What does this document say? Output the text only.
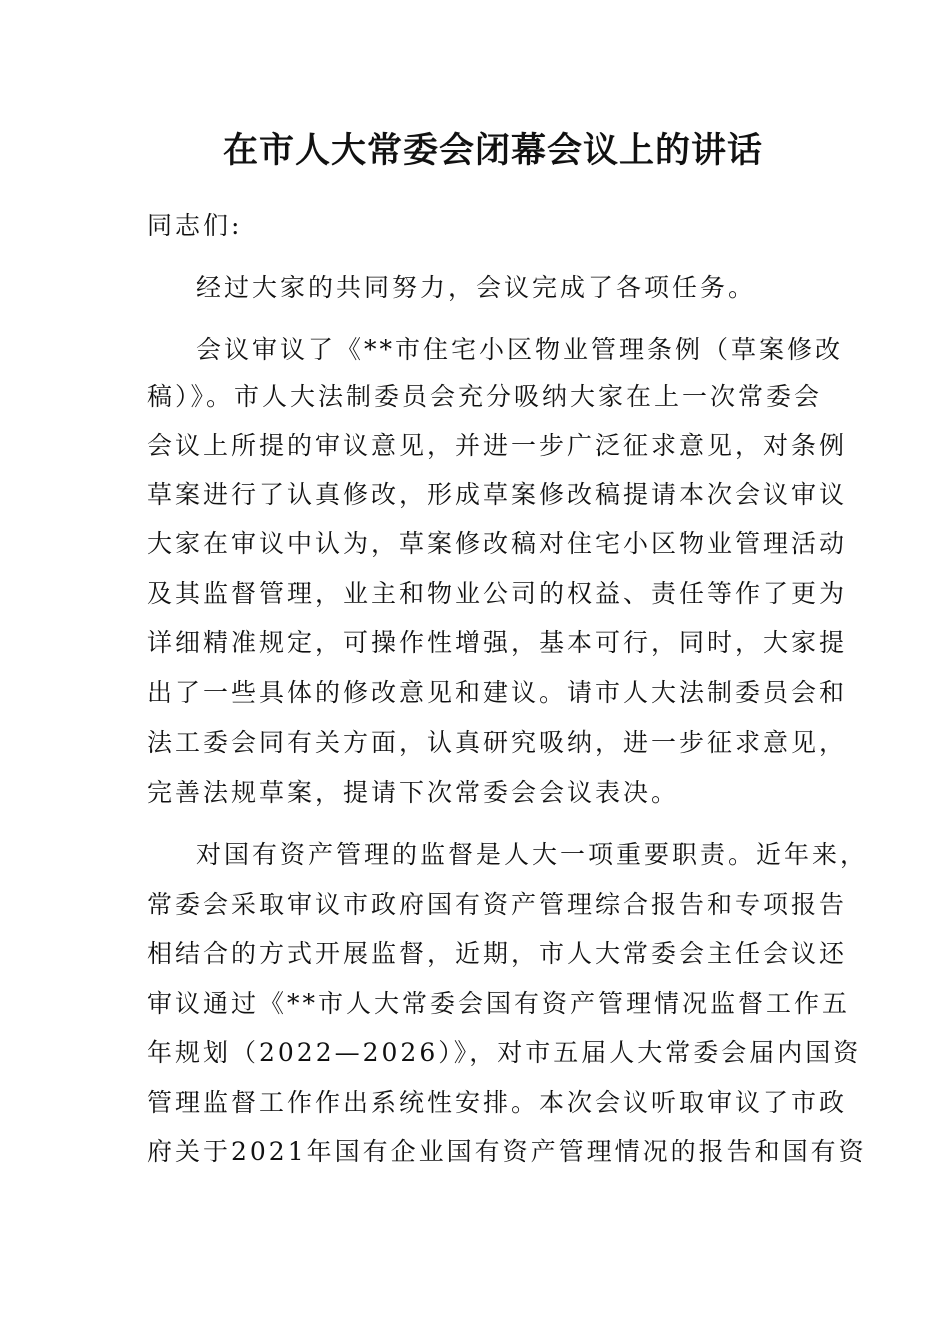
在市人大常委会闭幕会议上的讲话
同志们:
经过大家的共同努力，会议完成了各项任务。
会议审议了《**市住宅小区物业管理条例（草案修改
稿）》。市人大法制委员会充分吸纳大家在上一次常委会
会议上所提的审议意见，并进一步广泛征求意见，对条例
草案进行了认真修改，形成草案修改稿提请本次会议审议
大家在审议中认为，草案修改稿对住宅小区物业管理活动
及其监督管理，业主和物业公司的权益、责任等作了更为
详细精准规定，可操作性增强，基本可行，同时，大家提
出了一些具体的修改意见和建议。请市人大法制委员会和
法工委会同有关方面，认真研究吸纳，进一步征求意见，
完善法规草案，提请下次常委会会议表决。
对国有资产管理的监督是人大一项重要职责。近年来，
常委会采取审议市政府国有资产管理综合报告和专项报告
相结合的方式开展监督，近期，市人大常委会主任会议还
审议通过《**市人大常委会国有资产管理情况监督工作五
年规划（2022—2026）》，对市五届人大常委会届内国资
管理监督工作作出系统性安排。本次会议听取审议了市政
府关于2021年国有企业国有资产管理情况的报告和国有资
